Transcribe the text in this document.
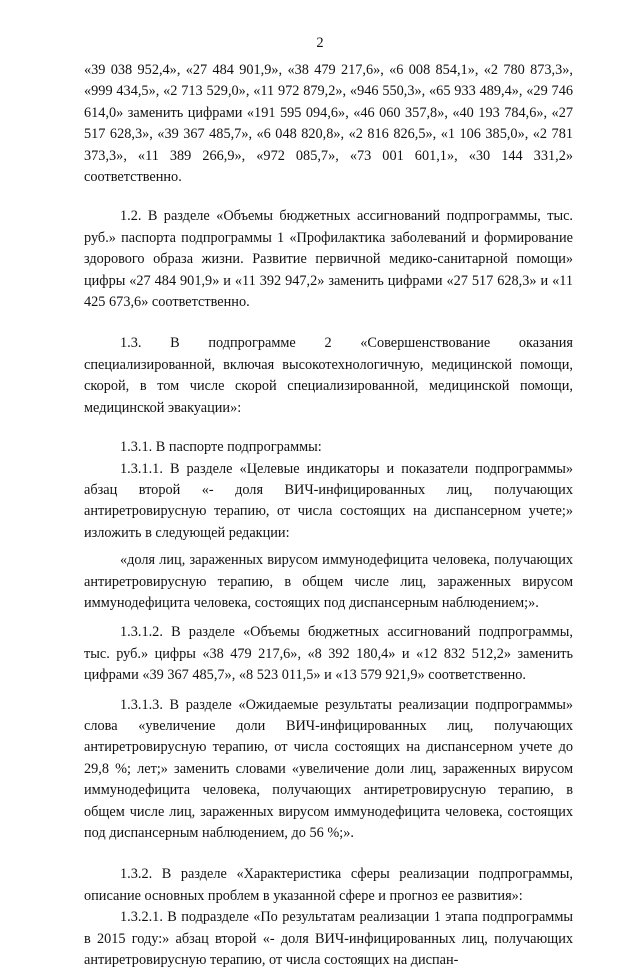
2

«39 038 952,4», «27 484 901,9», «38 479 217,6», «6 008 854,1», «2 780 873,3», «999 434,5», «2 713 529,0», «11 972 879,2», «946 550,3», «65 933 489,4», «29 746 614,0» заменить цифрами «191 595 094,6», «46 060 357,8», «40 193 784,6», «27 517 628,3», «39 367 485,7», «6 048 820,8», «2 816 826,5», «1 106 385,0», «2 781 373,3», «11 389 266,9», «972 085,7», «73 001 601,1», «30 144 331,2» соответственно.

1.2. В разделе «Объемы бюджетных ассигнований подпрограммы, тыс. руб.» паспорта подпрограммы 1 «Профилактика заболеваний и формирование здорового образа жизни. Развитие первичной медико-санитарной помощи» цифры «27 484 901,9» и «11 392 947,2» заменить цифрами «27 517 628,3» и «11 425 673,6» соответственно.

1.3. В подпрограмме 2 «Совершенствование оказания специализированной, включая высокотехнологичную, медицинской помощи, скорой, в том числе скорой специализированной, медицинской помощи, медицинской эвакуации»:

1.3.1. В паспорте подпрограммы:

1.3.1.1. В разделе «Целевые индикаторы и показатели подпрограммы» абзац второй «- доля ВИЧ-инфицированных лиц, получающих антиретровирусную терапию, от числа состоящих на диспансерном учете;» изложить в следующей редакции:

«доля лиц, зараженных вирусом иммунодефицита человека, получающих антиретровирусную терапию, в общем числе лиц, зараженных вирусом иммунодефицита человека, состоящих под диспансерным наблюдением;».

1.3.1.2. В разделе «Объемы бюджетных ассигнований подпрограммы, тыс. руб.» цифры «38 479 217,6», «8 392 180,4» и «12 832 512,2» заменить цифрами «39 367 485,7», «8 523 011,5» и «13 579 921,9» соответственно.

1.3.1.3. В разделе «Ожидаемые результаты реализации подпрограммы» слова «увеличение доли ВИЧ-инфицированных лиц, получающих антиретровирусную терапию, от числа состоящих на диспансерном учете до 29,8 %; лет;» заменить словами «увеличение доли лиц, зараженных вирусом иммунодефицита человека, получающих антиретровирусную терапию, в общем числе лиц, зараженных вирусом иммунодефицита человека, состоящих под диспансерным наблюдением, до 56 %;».

1.3.2. В разделе «Характеристика сферы реализации подпрограммы, описание основных проблем в указанной сфере и прогноз ее развития»:

1.3.2.1. В подразделе «По результатам реализации 1 этапа подпрограммы в 2015 году:» абзац второй «- доля ВИЧ-инфицированных лиц, получающих антиретровирусную терапию, от числа состоящих на диспан-
